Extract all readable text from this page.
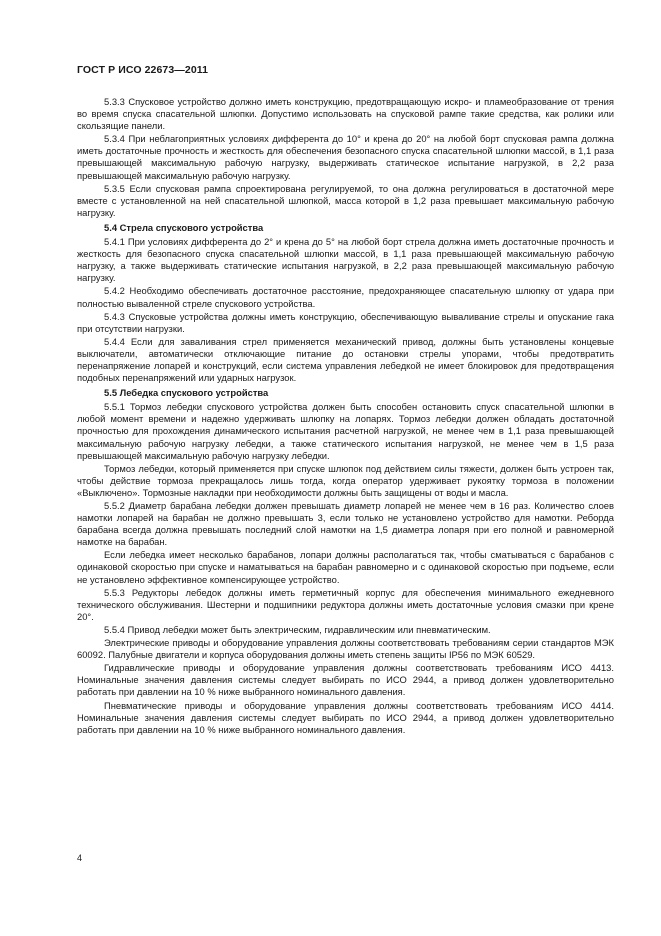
ГОСТ Р ИСО 22673—2011

5.3.3 Спусковое устройство должно иметь конструкцию, предотвращающую искро- и пламеобразование от трения во время спуска спасательной шлюпки. Допустимо использовать на спусковой рампе такие средства, как ролики или скользящие панели.

5.3.4 При неблагоприятных условиях дифферента до 10° и крена до 20° на любой борт спусковая рампа должна иметь достаточные прочность и жесткость для обеспечения безопасного спуска спасательной шлюпки массой, в 1,1 раза превышающей максимальную рабочую нагрузку, выдерживать статическое испытание нагрузкой, в 2,2 раза превышающей максимальную рабочую нагрузку.

5.3.5 Если спусковая рампа спроектирована регулируемой, то она должна регулироваться в достаточной мере вместе с установленной на ней спасательной шлюпкой, масса которой в 1,2 раза превышает максимальную рабочую нагрузку.

5.4 Стрела спускового устройства

5.4.1 При условиях дифферента до 2° и крена до 5° на любой борт стрела должна иметь достаточные прочность и жесткость для безопасного спуска спасательной шлюпки массой, в 1,1 раза превышающей максимальную рабочую нагрузку, а также выдерживать статические испытания нагрузкой, в 2,2 раза превышающей максимальную рабочую нагрузку.

5.4.2 Необходимо обеспечивать достаточное расстояние, предохраняющее спасательную шлюпку от удара при полностью вываленной стреле спускового устройства.

5.4.3 Спусковые устройства должны иметь конструкцию, обеспечивающую вываливание стрелы и опускание гака при отсутствии нагрузки.

5.4.4 Если для заваливания стрел применяется механический привод, должны быть установлены концевые выключатели, автоматически отключающие питание до остановки стрелы упорами, чтобы предотвратить перенапряжение лопарей и конструкций, если система управления лебедкой не имеет блокировок для предотвращения подобных перенапряжений или ударных нагрузок.

5.5 Лебедка спускового устройства

5.5.1 Тормоз лебедки спускового устройства должен быть способен остановить спуск спасательной шлюпки в любой момент времени и надежно удерживать шлюпку на лопарях. Тормоз лебедки должен обладать достаточной прочностью для прохождения динамического испытания расчетной нагрузкой, не менее чем в 1,1 раза превышающей максимальную рабочую нагрузку лебедки, а также статического испытания нагрузкой, не менее чем в 1,5 раза превышающей максимальную рабочую нагрузку лебедки.

Тормоз лебедки, который применяется при спуске шлюпок под действием силы тяжести, должен быть устроен так, чтобы действие тормоза прекращалось лишь тогда, когда оператор удерживает рукоятку тормоза в положении «Выключено». Тормозные накладки при необходимости должны быть защищены от воды и масла.

5.5.2 Диаметр барабана лебедки должен превышать диаметр лопарей не менее чем в 16 раз. Количество слоев намотки лопарей на барабан не должно превышать 3, если только не установлено устройство для намотки. Реборда барабана всегда должна превышать последний слой намотки на 1,5 диаметра лопаря при его полной и равномерной намотке на барабан.

Если лебедка имеет несколько барабанов, лопари должны располагаться так, чтобы сматываться с барабанов с одинаковой скоростью при спуске и наматываться на барабан равномерно и с одинаковой скоростью при подъеме, если не установлено эффективное компенсирующее устройство.

5.5.3 Редукторы лебедок должны иметь герметичный корпус для обеспечения минимального ежедневного технического обслуживания. Шестерни и подшипники редуктора должны иметь достаточные условия смазки при крене 20°.

5.5.4 Привод лебедки может быть электрическим, гидравлическим или пневматическим.

Электрические приводы и оборудование управления должны соответствовать требованиям серии стандартов МЭК 60092. Палубные двигатели и корпуса оборудования должны иметь степень защиты IP56 по МЭК 60529.

Гидравлические приводы и оборудование управления должны соответствовать требованиям ИСО 4413. Номинальные значения давления системы следует выбирать по ИСО 2944, а привод должен удовлетворительно работать при давлении на 10 % ниже выбранного номинального давления.

Пневматические приводы и оборудование управления должны соответствовать требованиям ИСО 4414. Номинальные значения давления системы следует выбирать по ИСО 2944, а привод должен удовлетворительно работать при давлении на 10 % ниже выбранного номинального давления.

4
